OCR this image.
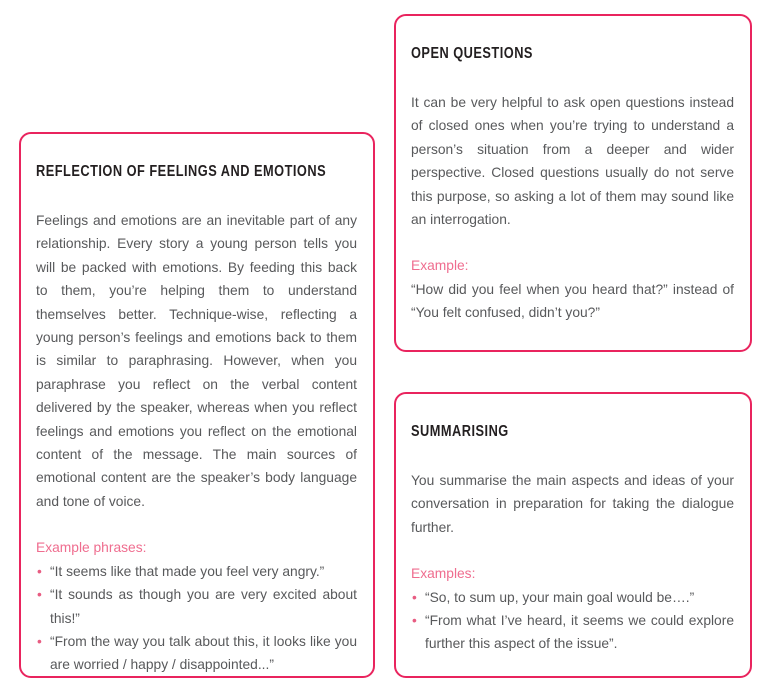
REFLECTION OF FEELINGS AND EMOTIONS

Feelings and emotions are an inevitable part of any relationship. Every story a young person tells you will be packed with emotions. By feeding this back to them, you’re helping them to understand themselves better. Technique-wise, reflecting a young person’s feelings and emotions back to them is similar to paraphrasing. However, when you paraphrase you reflect on the verbal content delivered by the speaker, whereas when you reflect feelings and emotions you reflect on the emotional content of the message. The main sources of emotional content are the speaker’s body language and tone of voice.

Example phrases:

• “It seems like that made you feel very angry.”
• “It sounds as though you are very excited about this!”
• “From the way you talk about this, it looks like you are worried / happy / disappointed...”
OPEN QUESTIONS

It can be very helpful to ask open questions instead of closed ones when you’re trying to understand a person’s situation from a deeper and wider perspective. Closed questions usually do not serve this purpose, so asking a lot of them may sound like an interrogation.

Example:

“How did you feel when you heard that?” instead of “You felt confused, didn’t you?”

SUMMARISING

You summarise the main aspects and ideas of your conversation in preparation for taking the dialogue further.

Examples:

• “So, to sum up, your main goal would be….”
• “From what I’ve heard, it seems we could explore further this aspect of the issue”.
